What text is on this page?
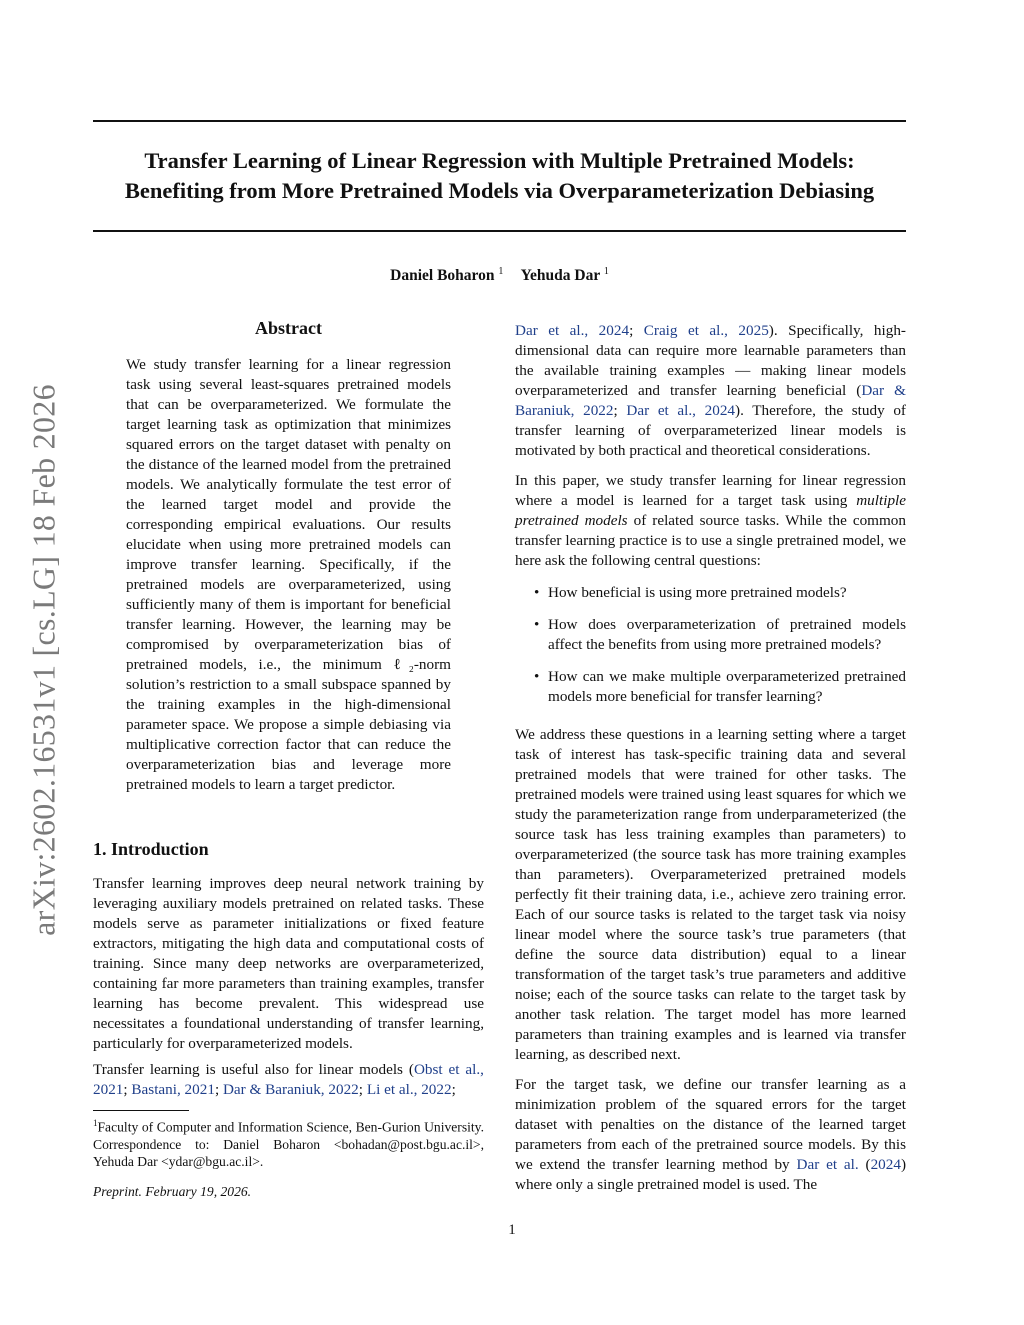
Transfer Learning of Linear Regression with Multiple Pretrained Models:
Benefiting from More Pretrained Models via Overparameterization Debiasing
Daniel Boharon $^1$ Yehuda Dar $^1$
arXiv:2602.16531v1 [cs.LG] 18 Feb 2026
Abstract

We study transfer learning for a linear regression task using several least-squares pretrained models that can be overparameterized. We formulate the target learning task as optimization that minimizes squared errors on the target dataset with penalty on the distance of the learned model from the pretrained models. We analytically formulate the test error of the learned target model and provide the corresponding empirical evaluations. Our results elucidate when using more pretrained models can improve transfer learning. Specifically, if the pretrained models are overparameterized, using sufficiently many of them is important for beneficial transfer learning. However, the learning may be compromised by overparameterization bias of pretrained models, i.e., the minimum ℓ₂-norm solution’s restriction to a small subspace spanned by the training examples in the high-dimensional parameter space. We propose a simple debiasing via multiplicative correction factor that can reduce the overparameterization bias and leverage more pretrained models to learn a target predictor.

1. Introduction

Transfer learning improves deep neural network training by leveraging auxiliary models pretrained on related tasks. These models serve as parameter initializations or fixed feature extractors, mitigating the high data and computational costs of training. Since many deep networks are overparameterized, containing far more parameters than training examples, transfer learning has become prevalent. This widespread use necessitates a foundational understanding of transfer learning, particularly for overparameterized models.

Transfer learning is useful also for linear models (Obst et al., 2021; Bastani, 2021; Dar & Baraniuk, 2022; Li et al., 2022;

$^1$Faculty of Computer and Information Science, Ben-Gurion University. Correspondence to: Daniel Boharon <bohadan@post.bgu.ac.il>, Yehuda Dar <ydar@bgu.ac.il>.
Preprint. February 19, 2026.

Dar et al., 2024; Craig et al., 2025). Specifically, high-dimensional data can require more learnable parameters than the available training examples — making linear models overparameterized and transfer learning beneficial (Dar & Baraniuk, 2022; Dar et al., 2024). Therefore, the study of transfer learning of overparameterized linear models is motivated by both practical and theoretical considerations.

In this paper, we study transfer learning for linear regression where a model is learned for a target task using multiple pretrained models of related source tasks. While the common transfer learning practice is to use a single pretrained model, we here ask the following central questions:

• How beneficial is using more pretrained models?
• How does overparameterization of pretrained models affect the benefits from using more pretrained models?
• How can we make multiple overparameterized pretrained models more beneficial for transfer learning?

We address these questions in a learning setting where a target task of interest has task-specific training data and several pretrained models that were trained for other tasks. The pretrained models were trained using least squares for which we study the parameterization range from underparameterized (the source task has less training examples than parameters) to overparameterized (the source task has more training examples than parameters). Overparameterized pretrained models perfectly fit their training data, i.e., achieve zero training error. Each of our source tasks is related to the target task via noisy linear model where the source task’s true parameters (that define the source data distribution) equal to a linear transformation of the target task’s true parameters and additive noise; each of the source tasks can relate to the target task by another task relation. The target model has more learned parameters than training examples and is learned via transfer learning, as described next.

For the target task, we define our transfer learning as a minimization problem of the squared errors for the target dataset with penalties on the distance of the learned target parameters from each of the pretrained source models. By this we extend the transfer learning method by Dar et al. (2024) where only a single pretrained model is used. The

1
